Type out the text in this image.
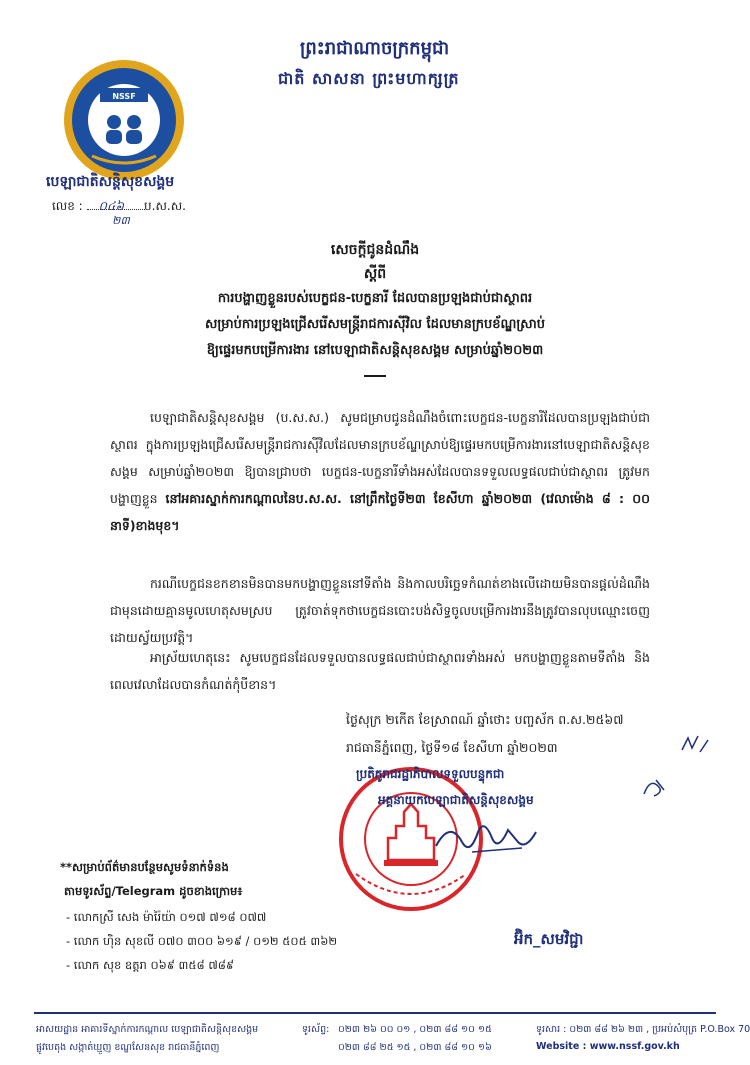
ព្រះរាជាណាចក្រកម្ពុជា
ជាតិ សាសនា ព្រះមហាក្សត្រ
NSSF
បេឡាជាតិសន្តិសុខសង្គម
លេខ : ០៤៦ ប.ស.ស.
២៣
សេចក្តីជូនដំណឹង
ស្តីពី
ការបង្ហាញខ្លួនរបស់បេក្ខជន-បេក្ខនារី ដែលបានប្រឡងជាប់ជាស្ថាពរ
សម្រាប់ការប្រឡងជ្រើសរើសមន្ត្រីរាជការស៊ីវិល ដែលមានក្របខ័ណ្ឌស្រាប់
ឱ្យផ្ទេរមកបម្រើការងារ នៅបេឡាជាតិសន្តិសុខសង្គម សម្រាប់ឆ្នាំ២០២៣
បេឡាជាតិសន្តិសុខសង្គម (ប.ស.ស.) សូមជម្រាបជូនដំណឹងចំពោះបេក្ខជន-បេក្ខនារីដែលបានប្រឡងជាប់ជាស្ថាពរ ក្នុងការប្រឡងជ្រើសរើសមន្ត្រីរាជការស៊ីវិលដែលមានក្របខ័ណ្ឌស្រាប់ឱ្យផ្ទេរមកបម្រើការងារនៅបេឡាជាតិសន្តិសុខសង្គម សម្រាប់ឆ្នាំ២០២៣ ឱ្យបានជ្រាបថា បេក្ខជន-បេក្ខនារីទាំងអស់ដែលបានទទួលលទ្ធផលជាប់ជាស្ថាពរ ត្រូវមកបង្ហាញខ្លួន នៅអគារស្នាក់ការកណ្តាលនៃប.ស.ស. នៅព្រឹកថ្ងៃទី២៣ ខែសីហា ឆ្នាំ២០២៣ (វេលាម៉ោង ៨ : ០០ នាទី)ខាងមុខ។
ករណីបេក្ខជនខកខានមិនបានមកបង្ហាញខ្លួននៅទីតាំង និងកាលបរិច្ឆេទកំណត់ខាងលើដោយមិនបានផ្តល់ដំណឹងជាមុនដោយគ្មានមូលហេតុសមស្រប ត្រូវចាត់ទុកថាបេក្ខជនបោះបង់សិទ្ធចូលបម្រើការងារនឹងត្រូវបានលុបឈ្មោះចេញដោយស្វ័យប្រវត្តិ។
អាស្រ័យហេតុនេះ សូមបេក្ខជនដែលទទួលបានលទ្ធផលជាប់ជាស្ថាពរទាំងអស់ មកបង្ហាញខ្លួនតាមទីតាំង និងពេលវេលាដែលបានកំណត់កុំបីខាន។
ថ្ងៃសុក្រ ២កើត ខែស្រាពណ៍ ឆ្នាំថោះ បញ្ចស័ក ព.ស.២៥៦៧
រាជធានីភ្នំពេញ, ថ្ងៃទី១៨ ខែសីហា ឆ្នាំ២០២៣
ប្រតិភូរាជរដ្ឋាភិបាលទទួលបន្ទុកជា
អគ្គនាយកបេឡាជាតិសន្តិសុខសង្គម
អ៊ិក_សមវិជ្ជា
**សម្រាប់ព័ត៌មានបន្ថែមសូមទំនាក់ទំនង
តាមទូរស័ព្ទ/Telegram ដូចខាងក្រោម៖
- លោកស្រី សេង ម៉ារ៉ៃយ៉ា ០១៧ ៧១៨ ០៧៧
- លោក ហ៊ិន សុខលី ០៧០ ៣០០ ៦១៩ / ០១២ ៥០៥ ៣៦២
- លោក សុខ ឧត្តរា ០៦៩ ៣៥៨ ៧៨៩
អាសយដ្ឋាន អាគារទីស្នាក់ការកណ្តាល បេឡាជាតិសន្តិសុខសង្គម
ផ្លូវបេតុង សង្កាត់ឃ្មួញ ខណ្ឌសែនសុខ រាជធានីភ្នំពេញ
ទូរស័ព្ទ: ០២៣ ២៦ ០០ ០១ , ០២៣ ៨៨ ១០ ១៥
០២៣ ៨៨ ២៥ ១៥ , ០២៣ ៨៨ ១០ ១៦
ទូរសារ : ០២៣ ៨៨ ២៦ ២៣ , ប្រអប់សំបុត្រ P.O.Box 70
Website : www.nssf.gov.kh
